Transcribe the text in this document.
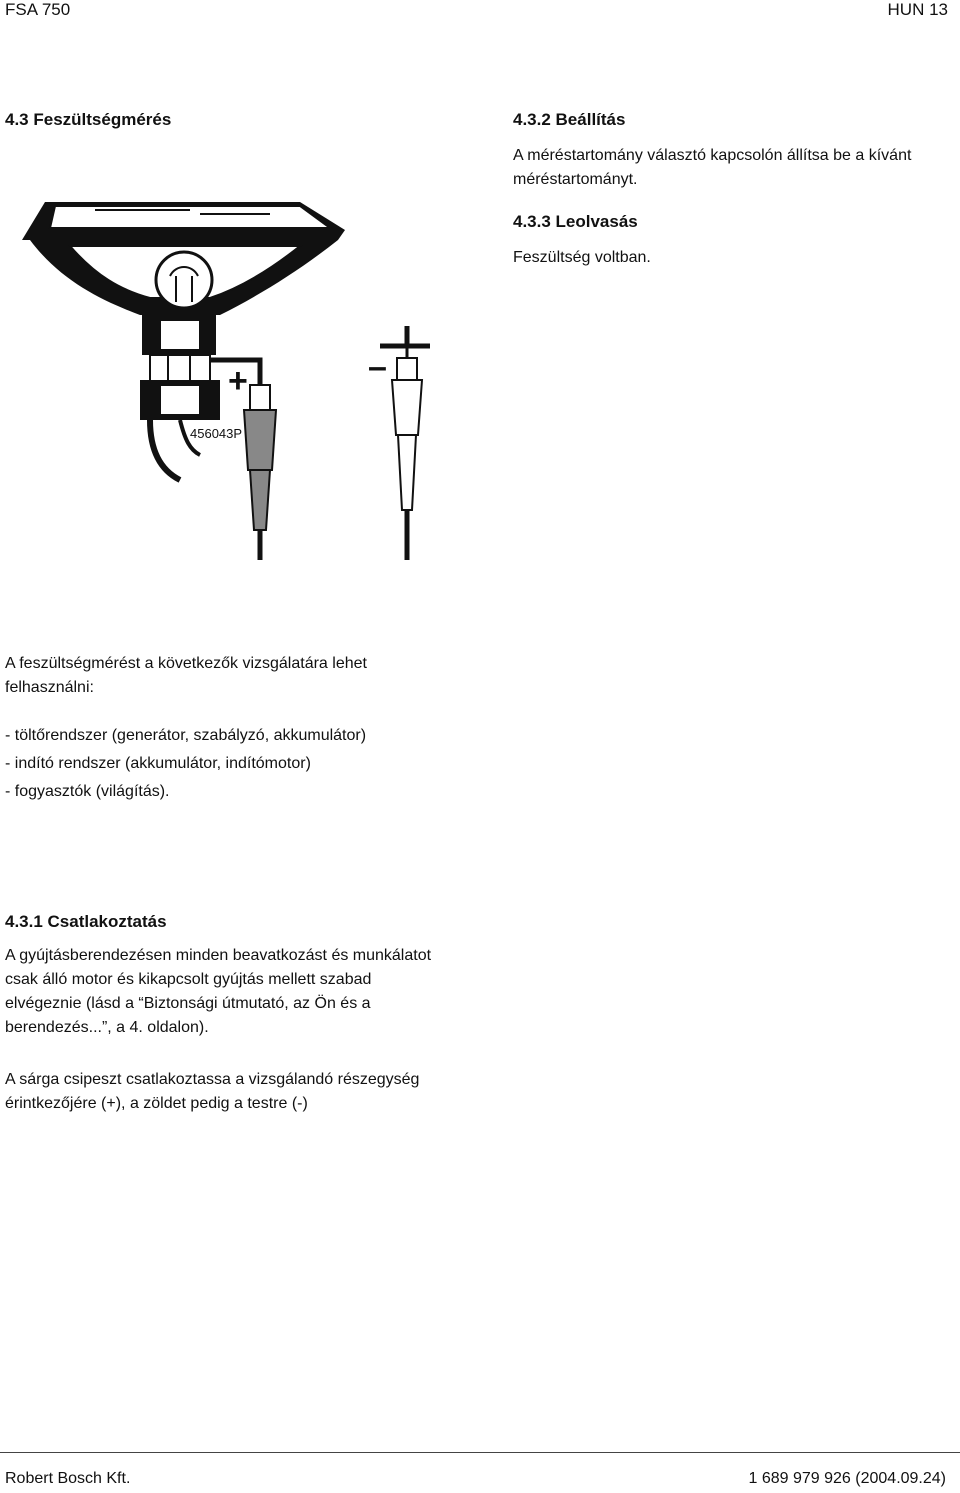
FSA 750	HUN 13
4.3 Feszültségmérés	4.3.2 Beállítás
A méréstartomány választó kapcsolón állítsa be a kívánt méréstartományt.
4.3.3 Leolvasás
Feszültség voltban.
+	–
456043P
A feszültségmérést a következők vizsgálatára lehet felhasználni:
- töltőrendszer (generátor, szabályzó, akkumulátor)
- indító rendszer (akkumulátor, indítómotor)
- fogyasztók (világítás).
4.3.1 Csatlakoztatás
A gyújtásberendezésen minden beavatkozást és munkálatot csak álló motor és kikapcsolt gyújtás mellett szabad elvégeznie (lásd a “Biztonsági útmutató, az Ön és a berendezés...”, a 4. oldalon).
A sárga csipeszt csatlakoztassa a vizsgálandó részegység érintkezőjére (+), a zöldet pedig a testre (-)
Robert Bosch Kft.	1 689 979 926 (2004.09.24)
